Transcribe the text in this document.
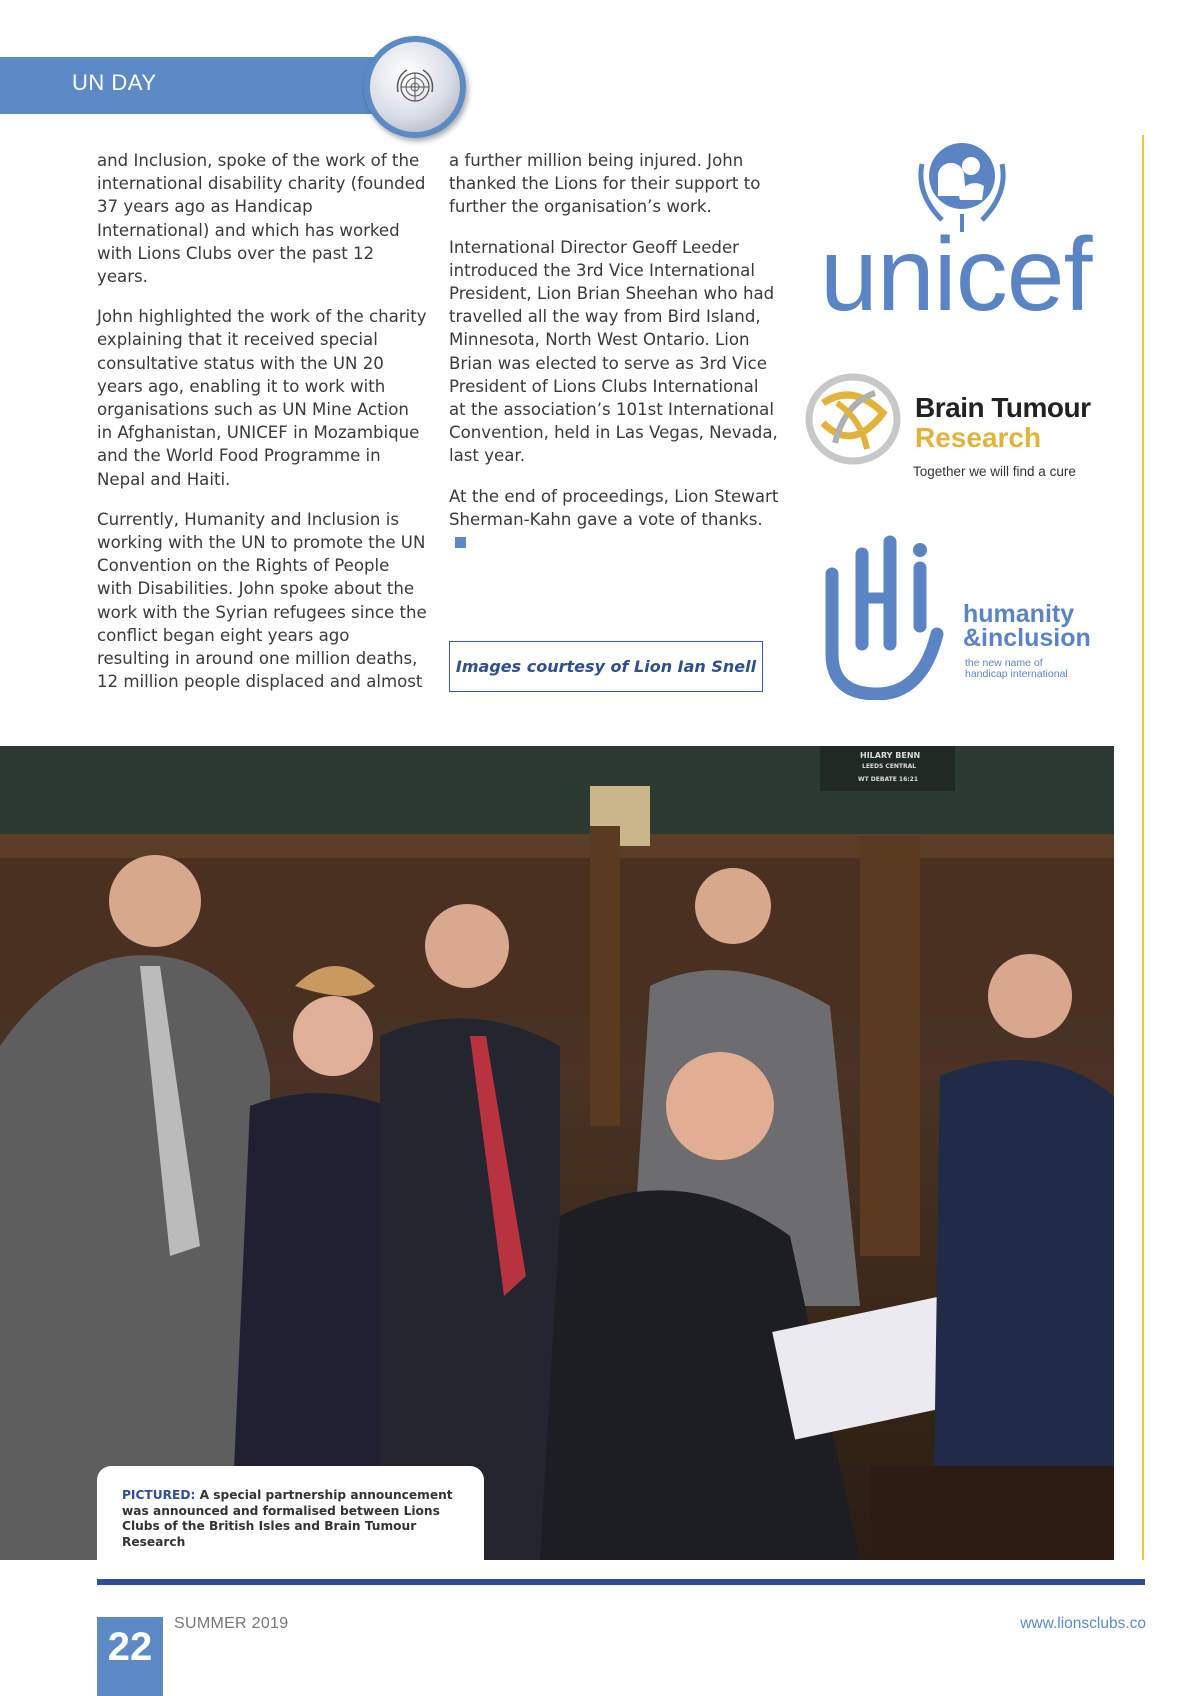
UN DAY

and Inclusion, spoke of the work of the international disability charity (founded 37 years ago as Handicap International) and which has worked with Lions Clubs over the past 12 years.

John highlighted the work of the charity explaining that it received special consultative status with the UN 20 years ago, enabling it to work with organisations such as UN Mine Action in Afghanistan, UNICEF in Mozambique and the World Food Programme in Nepal and Haiti.

Currently, Humanity and Inclusion is working with the UN to promote the UN Convention on the Rights of People with Disabilities. John spoke about the work with the Syrian refugees since the conflict began eight years ago resulting in around one million deaths, 12 million people displaced and almost

a further million being injured. John thanked the Lions for their support to further the organisation’s work.

International Director Geoff Leeder introduced the 3rd Vice International President, Lion Brian Sheehan who had travelled all the way from Bird Island, Minnesota, North West Ontario. Lion Brian was elected to serve as 3rd Vice President of Lions Clubs International at the association’s 101st International Convention, held in Las Vegas, Nevada, last year.

At the end of proceedings, Lion Stewart Sherman-Kahn gave a vote of thanks.

Images courtesy of Lion Ian Snell
unicef
Brain Tumour
Research
Together we will find a cure
humanity
&inclusion
the new name of
handicap international
HILARY BENN
LEEDS CENTRAL
WT DEBATE 16:21
PICTURED: A special partnership announcement was announced and formalised between Lions Clubs of the British Isles and Brain Tumour Research
22
SUMMER 2019	www.lionsclubs.co
